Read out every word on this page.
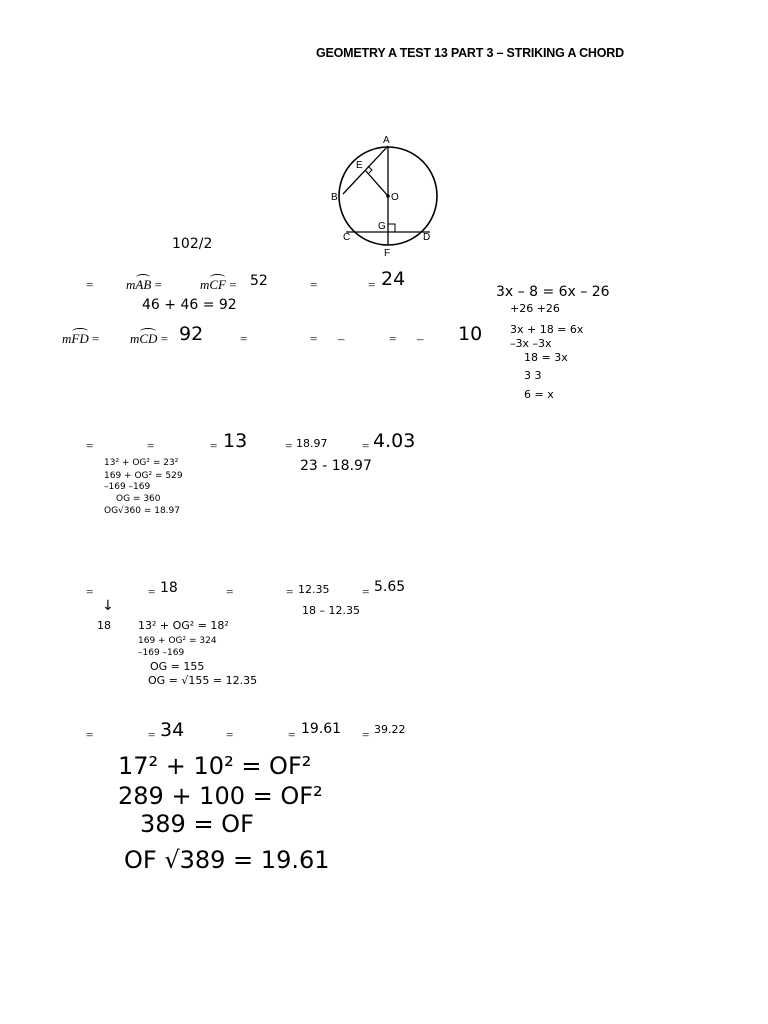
GEOMETRY A TEST 13 PART 3 – STRIKING A CHORD
A
E
B	O
G
C	D
F
102/2
=	mAB =	mCF = 52	=	= 24
46 + 46 = 92
mFD = mCD = 92	=	= –	= – 10
3x – 8 = 6x – 26
+26 +26
3x + 18 = 6x
–3x –3x
18 = 3x
3 3
6 = x
=	=	= 13	= 18.97	= 4.03
23 - 18.97
13² + OG² = 23²
169 + OG² = 529
–169 –169
OG = 360
OG√360 = 18.97
=	= 18	=	= 12.35	= 5.65
18 – 12.35
↓
18 13² + OG² = 18²
169 + OG² = 324
–169 –169
OG = 155
OG = √155 = 12.35
=	= 34	=	= 19.61 = 39.22
17² + 10² = OF²
289 + 100 = OF²
389 = OF
OF √389 = 19.61
